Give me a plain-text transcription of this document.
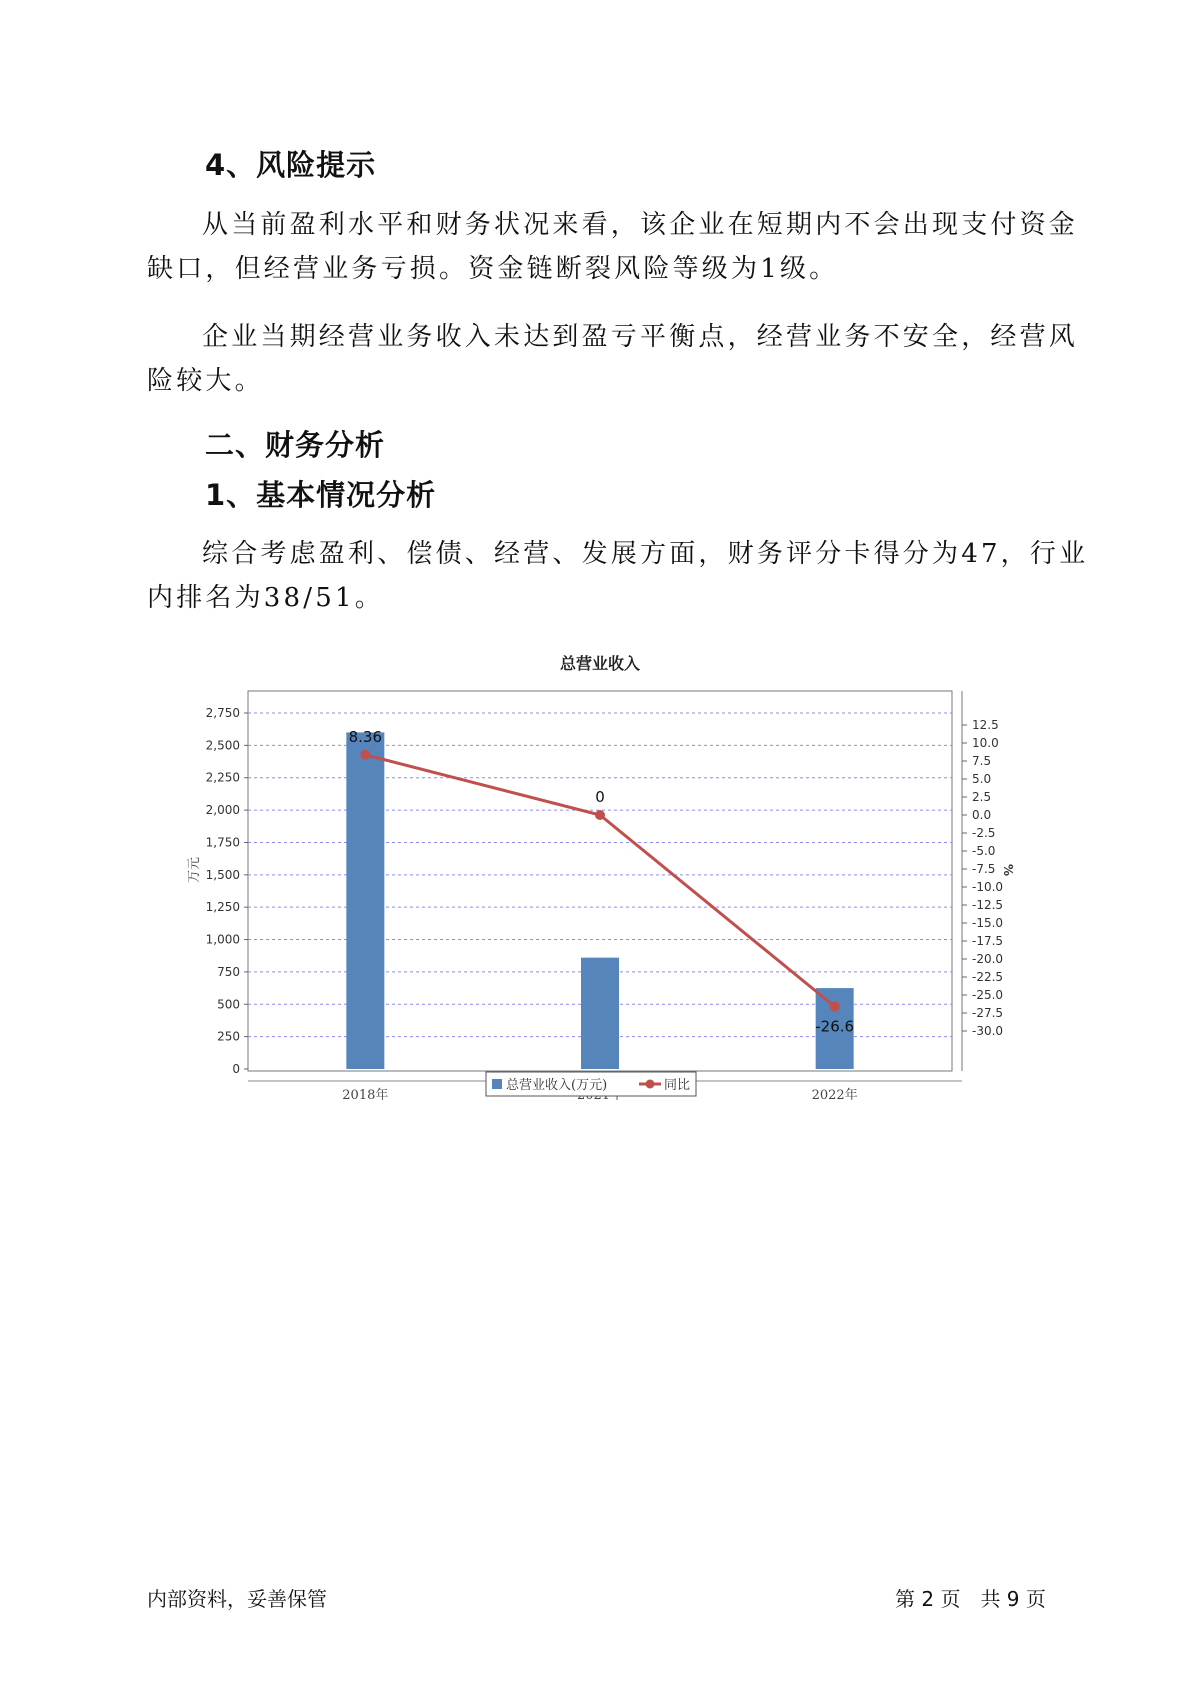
4、风险提示
从当前盈利水平和财务状况来看，该企业在短期内不会出现支付资金
缺口，但经营业务亏损。资金链断裂风险等级为1级。
企业当期经营业务收入未达到盈亏平衡点，经营业务不安全，经营风
险较大。
二、财务分析
1、基本情况分析
综合考虑盈利、偿债、经营、发展方面，财务评分卡得分为47，行业
内排名为38/51。
总营业收入
0
250
500
750
1,000
1,250
1,500
1,750
2,000
2,250
2,500
2,750
-30.0
-27.5
-25.0
-22.5
-20.0
-17.5
-15.0
-12.5
-10.0
-7.5
-5.0
-2.5
0.0
2.5
5.0
7.5
10.0
12.5
8.36
0
-26.6
2018年	2022年
万元	%
总营业收入(万元)	同比
内部资料，妥善保管	第 2 页　共 9 页
